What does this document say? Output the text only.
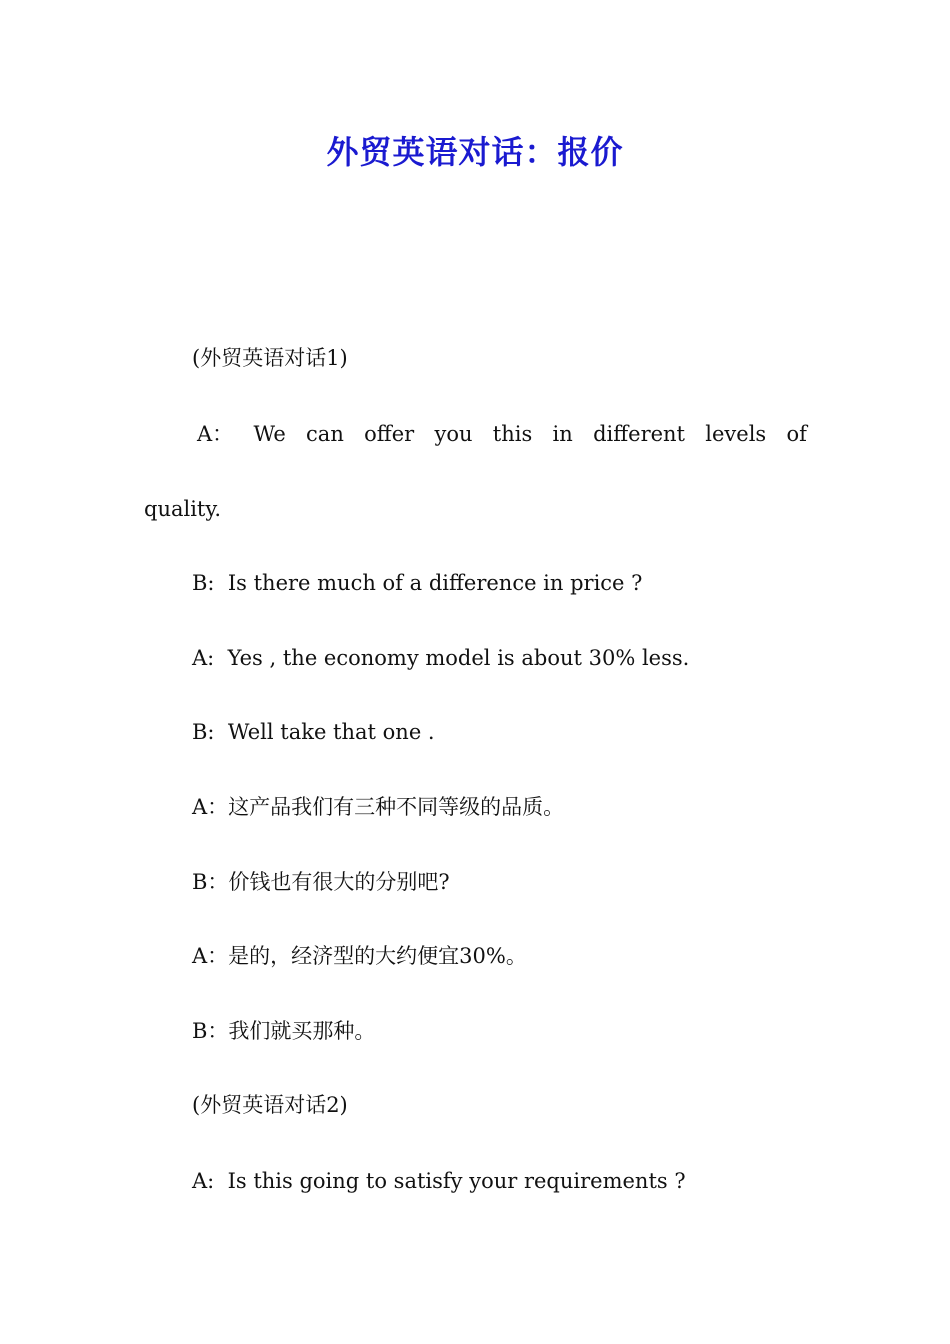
外贸英语对话：报价
(外贸英语对话1)
A： We can offer you this in different levels of
quality.
B:  Is there much of a difference in price ?
A:  Yes , the economy model is about 30% less.
B:  Well take that one .
A：这产品我们有三种不同等级的品质。
B：价钱也有很大的分别吧?
A：是的，经济型的大约便宜30%。
B：我们就买那种。
(外贸英语对话2)
A:  Is this going to satisfy your requirements ?
